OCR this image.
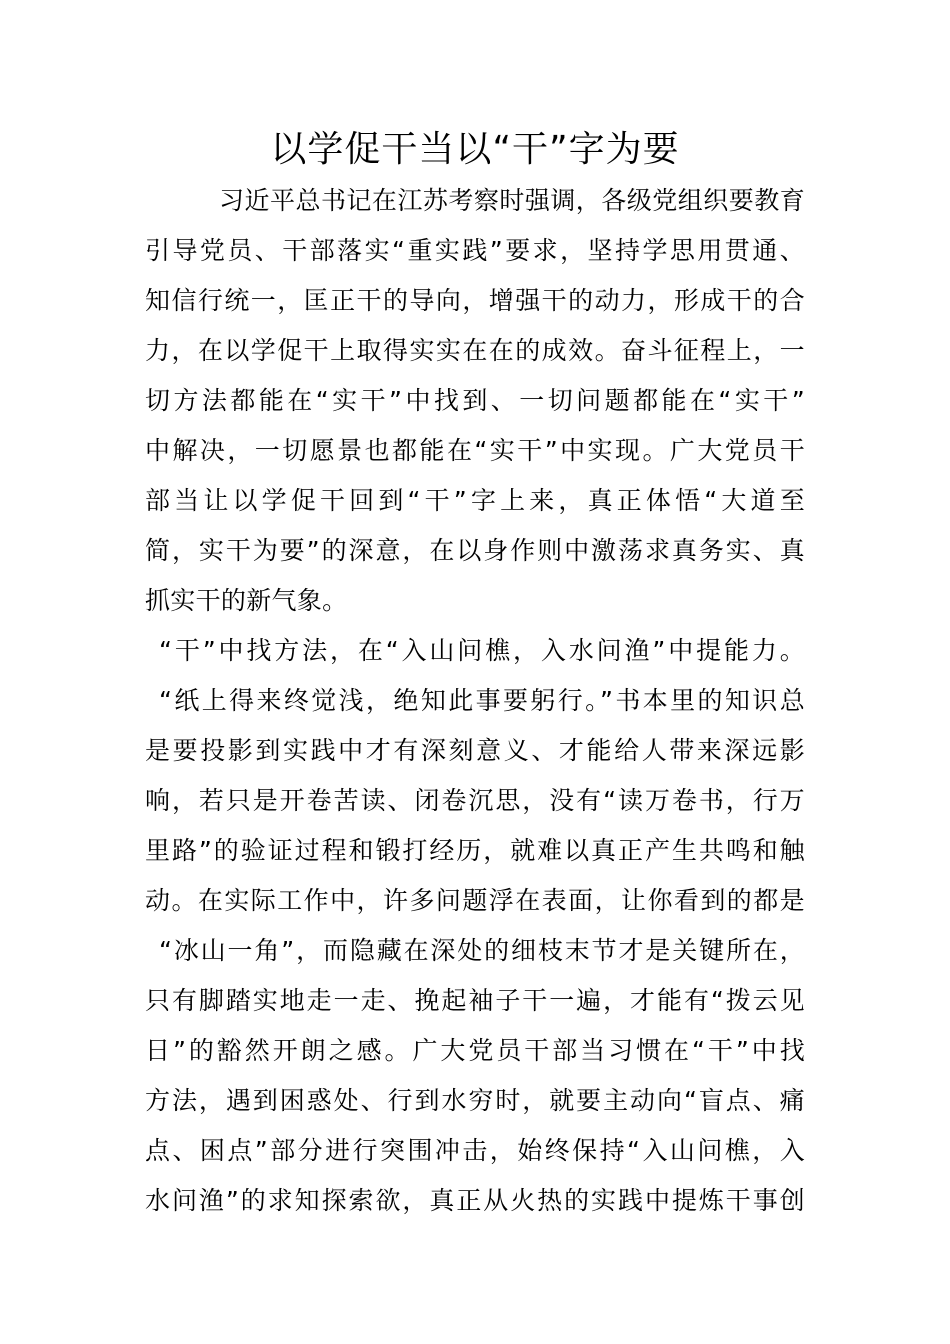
以学促干当以“干”字为要
习近平总书记在江苏考察时强调，各级党组织要教育
引导党员、干部落实“重实践”要求，坚持学思用贯通、
知信行统一，匡正干的导向，增强干的动力，形成干的合
力，在以学促干上取得实实在在的成效。奋斗征程上，一
切方法都能在“实干”中找到、一切问题都能在“实干”
中解决，一切愿景也都能在“实干”中实现。广大党员干
部当让以学促干回到“干”字上来，真正体悟“大道至
简，实干为要”的深意，在以身作则中激荡求真务实、真
抓实干的新气象。
“干”中找方法，在“入山问樵，入水问渔”中提能力。
“纸上得来终觉浅，绝知此事要躬行。”书本里的知识总
是要投影到实践中才有深刻意义、才能给人带来深远影
响，若只是开卷苦读、闭卷沉思，没有“读万卷书，行万
里路”的验证过程和锻打经历，就难以真正产生共鸣和触
动。在实际工作中，许多问题浮在表面，让你看到的都是
“冰山一角”，而隐藏在深处的细枝末节才是关键所在，
只有脚踏实地走一走、挽起袖子干一遍，才能有“拨云见
日”的豁然开朗之感。广大党员干部当习惯在“干”中找
方法，遇到困惑处、行到水穷时，就要主动向“盲点、痛
点、困点”部分进行突围冲击，始终保持“入山问樵，入
水问渔”的求知探索欲，真正从火热的实践中提炼干事创
